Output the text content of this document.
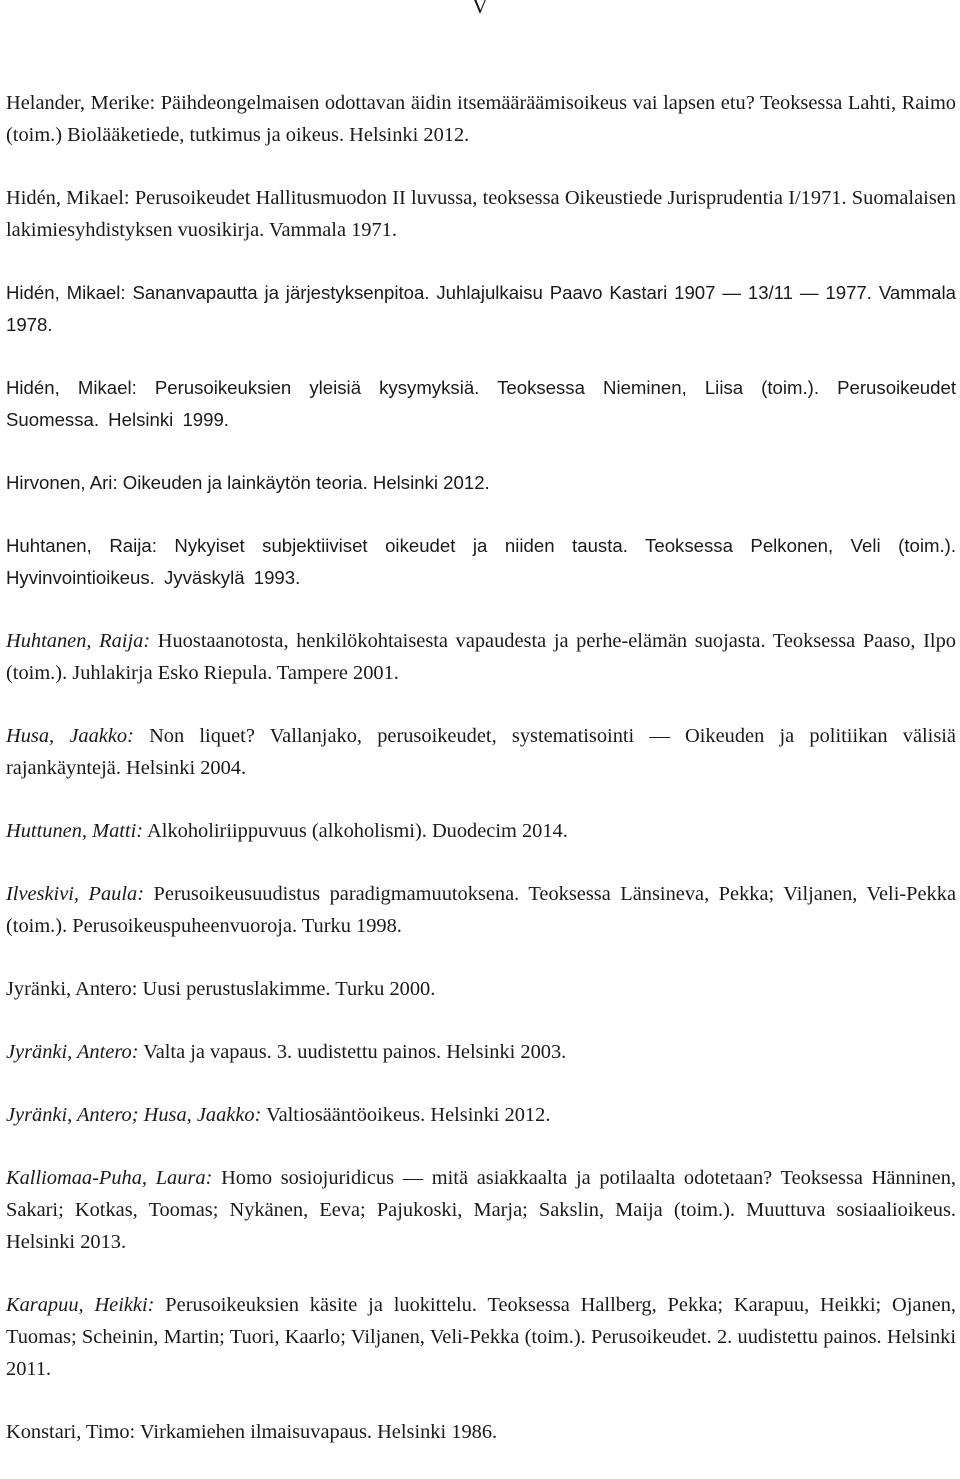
V

Helander, Merike: Päihdeongelmaisen odottavan äidin itsemääräämisoikeus vai lapsen etu? Teoksessa Lahti, Raimo (toim.) Biolääketiede, tutkimus ja oikeus. Helsinki 2012.

Hidén, Mikael: Perusoikeudet Hallitusmuodon II luvussa, teoksessa Oikeustiede Jurisprudentia I/1971. Suomalaisen lakimiesyhdistyksen vuosikirja. Vammala 1971.

Hidén, Mikael: Sananvapautta ja järjestyksenpitoa. Juhlajulkaisu Paavo Kastari 1907 ― 13/11 ― 1977. Vammala 1978.

Hidén, Mikael: Perusoikeuksien yleisiä kysymyksiä. Teoksessa Nieminen, Liisa (toim.). Perusoikeudet Suomessa. Helsinki 1999.

Hirvonen, Ari: Oikeuden ja lainkäytön teoria. Helsinki 2012.

Huhtanen, Raija: Nykyiset subjektiiviset oikeudet ja niiden tausta. Teoksessa Pelkonen, Veli (toim.). Hyvinvointioikeus. Jyväskylä 1993.

Huhtanen, Raija: Huostaanotosta, henkilökohtaisesta vapaudesta ja perhe-elämän suojasta. Teoksessa Paaso, Ilpo (toim.). Juhlakirja Esko Riepula. Tampere 2001.

Husa, Jaakko: Non liquet? Vallanjako, perusoikeudet, systematisointi ― Oikeuden ja politiikan välisiä rajankäyntejä. Helsinki 2004.

Huttunen, Matti: Alkoholiriippuvuus (alkoholismi). Duodecim 2014.

Ilveskivi, Paula: Perusoikeusuudistus paradigmamuutoksena. Teoksessa Länsineva, Pekka; Viljanen, Veli-Pekka (toim.). Perusoikeuspuheenvuoroja. Turku 1998.

Jyränki, Antero: Uusi perustuslakimme. Turku 2000.

Jyränki, Antero: Valta ja vapaus. 3. uudistettu painos. Helsinki 2003.

Jyränki, Antero; Husa, Jaakko: Valtiosääntöoikeus. Helsinki 2012.

Kalliomaa-Puha, Laura: Homo sosiojuridicus ― mitä asiakkaalta ja potilaalta odotetaan? Teoksessa Hänninen, Sakari; Kotkas, Toomas; Nykänen, Eeva; Pajukoski, Marja; Sakslin, Maija (toim.). Muuttuva sosiaalioikeus. Helsinki 2013.

Karapuu, Heikki: Perusoikeuksien käsite ja luokittelu. Teoksessa Hallberg, Pekka; Karapuu, Heikki; Ojanen, Tuomas; Scheinin, Martin; Tuori, Kaarlo; Viljanen, Veli-Pekka (toim.). Perusoikeudet. 2. uudistettu painos. Helsinki 2011.

Konstari, Timo: Virkamiehen ilmaisuvapaus. Helsinki 1986.
